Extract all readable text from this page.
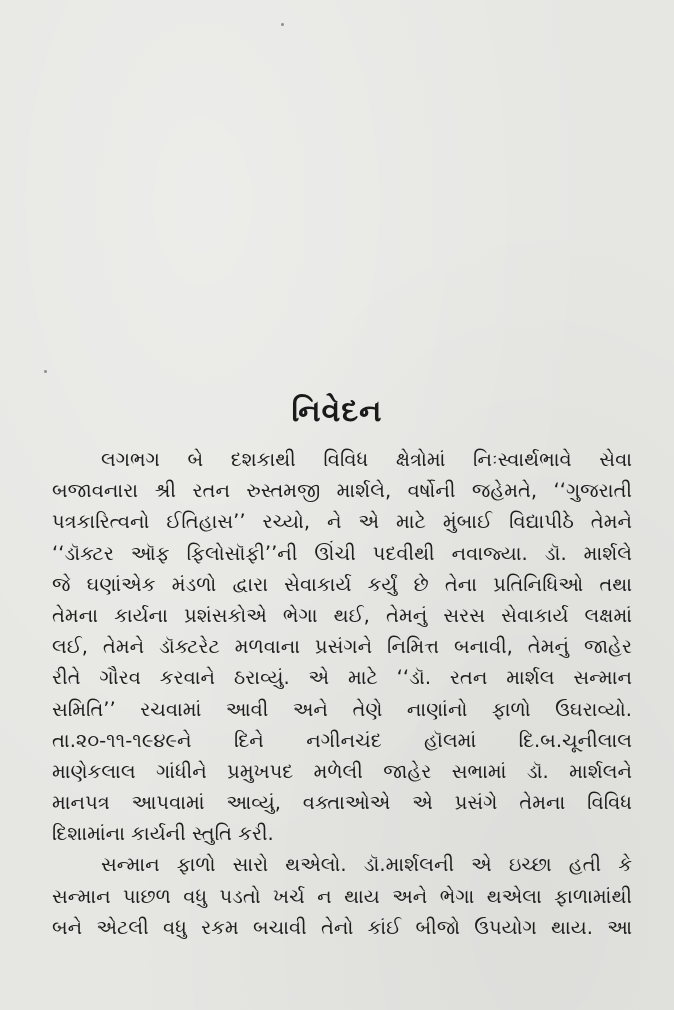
નિવેદન
લગભગ બે દશકાથી વિવિધ ક્ષેત્રોમાં નિઃસ્વાર્થભાવે સેવા
બજાવનારા શ્રી રતન રુસ્તમજી માર્શલે, વર્ષોની જહેમતે, ‘‘ગુજરાતી
પત્રકારિત્વનો ઈતિહાસ’’ રચ્યો, ને એ માટે મુંબાઈ વિદ્યાપીઠે તેમને
‘‘ડૉક્ટર ઑફ ફિલોસૉફી’’ની ઊંચી પદવીથી નવાજ્યા. ડૉ. માર્શલે
જે ઘણાંએક મંડળો દ્વારા સેવાકાર્ય કર્યું છે તેના પ્રતિનિધિઓ તથા
તેમના કાર્યના પ્રશંસકોએ ભેગા થઈ, તેમનું સરસ સેવાકાર્ય લક્ષમાં
લઈ, તેમને ડૉક્ટરેટ મળવાના પ્રસંગને નિમિત્ત બનાવી, તેમનું જાહેર
રીતે ગૌરવ કરવાને ઠરાવ્યું. એ માટે ‘‘ડૉ. રતન માર્શલ સન્માન
સમિતિ’’ રચવામાં આવી અને તેણે નાણાંનો ફાળો ઉઘરાવ્યો.
તા.૨૦-૧૧-૧૯૪૯ને દિને નગીનચંદ હૉલમાં દિ.બ.ચૂનીલાલ
માણેકલાલ ગાંધીને પ્રમુખપદ મળેલી જાહેર સભામાં ડૉ. માર્શલને
માનપત્ર આપવામાં આવ્યું, વક્તાઓએ એ પ્રસંગે તેમના વિવિધ
દિશામાંના કાર્યની સ્તુતિ કરી.
સન્માન ફાળો સારો થએલો. ડૉ.માર્શલની એ ઇચ્છા હતી કે
સન્માન પાછળ વધુ પડતો ખર્ચ ન થાય અને ભેગા થએલા ફાળામાંથી
બને એટલી વધુ રકમ બચાવી તેનો કાંઈ બીજો ઉપયોગ થાય. આ
